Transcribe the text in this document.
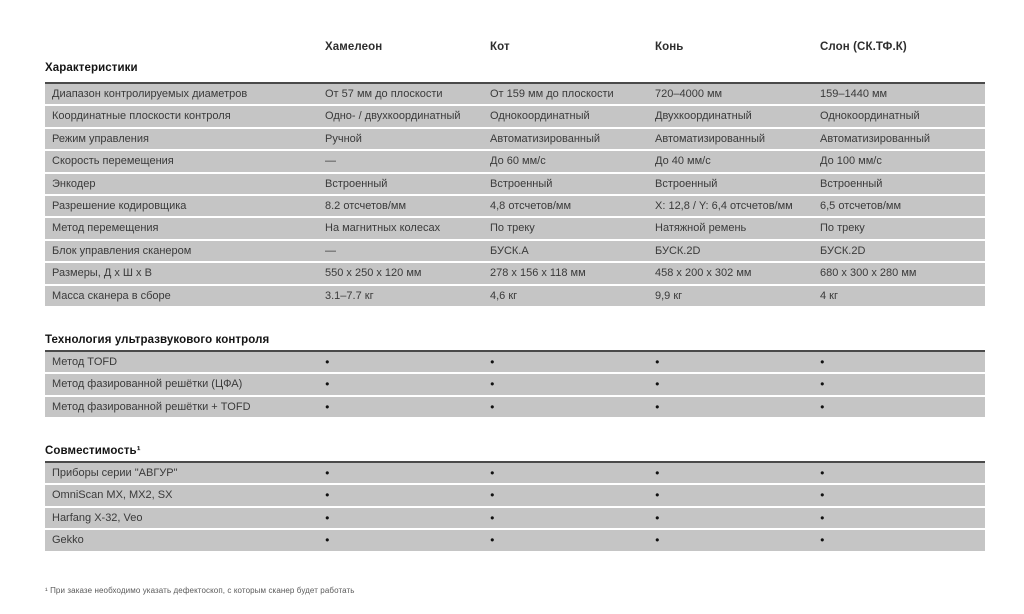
Хамелеон	Кот	Конь	Слон (СК.ТФ.К)
Характеристики
Диапазон контролируемых диаметров	От 57 мм до плоскости	От 159 мм до плоскости	720–4000 мм	159–1440 мм
Координатные плоскости контроля	Одно- / двухкоординатный	Однокоординатный	Двухкоординатный	Однокоординатный
Режим управления	Ручной	Автоматизированный	Автоматизированный	Автоматизированный
Скорость перемещения	—	До 60 мм/с	До 40 мм/с	До 100 мм/с
Энкодер	Встроенный	Встроенный	Встроенный	Встроенный
Разрешение кодировщика	8.2 отсчетов/мм	4,8 отсчетов/мм	X: 12,8 / Y: 6,4 отсчетов/мм	6,5 отсчетов/мм
Метод перемещения	На магнитных колесах	По треку	Натяжной ремень	По треку
Блок управления сканером	—	БУСК.А	БУСК.2D	БУСК.2D
Размеры, Д х Ш х В	550 x 250 x 120 мм	278 x 156 x 118 мм	458 x 200 x 302 мм	680 x 300 x 280 мм
Масса сканера в сборе	3.1–7.7 кг	4,6 кг	9,9 кг	4 кг
Технология ультразвукового контроля
Метод TOFD	●	●	●	●
Метод фазированной решётки (ЦФА)	●	●	●	●
Метод фазированной решётки + TOFD	●	●	●	●
Совместимость¹
Приборы серии "АВГУР"	●	●	●	●
OmniScan MX, MX2, SX	●	●	●	●
Harfang X-32, Veo	●	●	●	●
Gekko	●	●	●	●
¹ При заказе необходимо указать дефектоскоп, с которым сканер будет работать
